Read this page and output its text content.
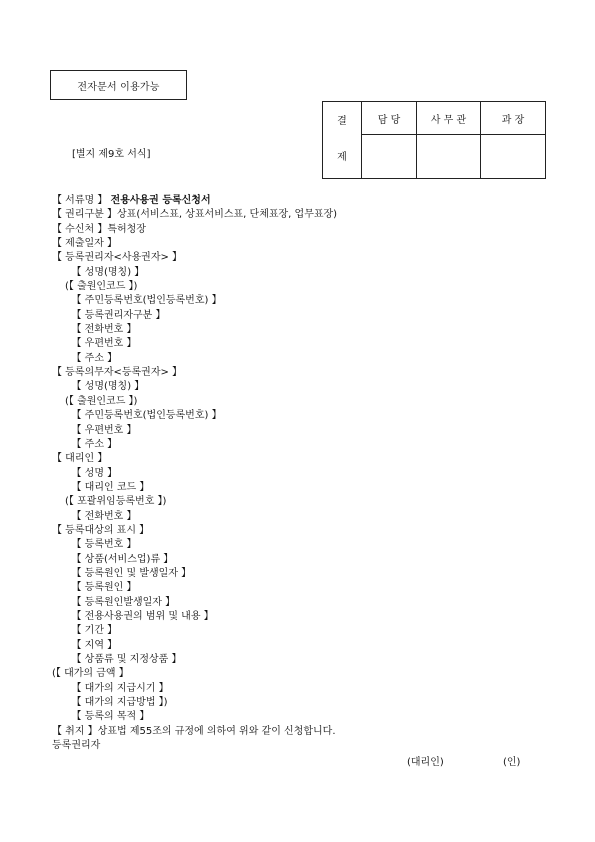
전자문서 이용가능
[별지 제9호 서식]
결
제	담 당	사 무 관	과 장

【 서류명 】 전용사용권 등록신청서
【 권리구분 】상표(서비스표, 상표서비스표, 단체표장, 업무표장)
【 수신처 】특허청장
【 제출일자 】
【 등록권리자<사용권자> 】
【 성명(명칭) 】
(【 출원인코드 】)
【 주민등록번호(법인등록번호) 】
【 등록권리자구분 】
【 전화번호 】
【 우편번호 】
【 주소 】
【 등록의무자<등록권자> 】
【 성명(명칭) 】
(【 출원인코드 】)
【 주민등록번호(법인등록번호) 】
【 우편번호 】
【 주소 】
【 대리인 】
【 성명 】
【 대리인 코드 】
(【 포괄위임등록번호 】)
【 전화번호 】
【 등록대상의 표시 】
【 등록번호 】
【 상품(서비스업)류 】
【 등록원인 및 발생일자 】
【 등록원인 】
【 등록원인발생일자 】
【 전용사용권의 범위 및 내용 】
【 기간 】
【 지역 】
【 상품류 및 지정상품 】
(【 대가의 금액 】
【 대가의 지급시기 】
【 대가의 지급방법 】)
【 등록의 목적 】
【 취지 】상표법 제55조의 규정에 의하여 위와 같이 신청합니다.
등록권리자
(대리인)	(인)
